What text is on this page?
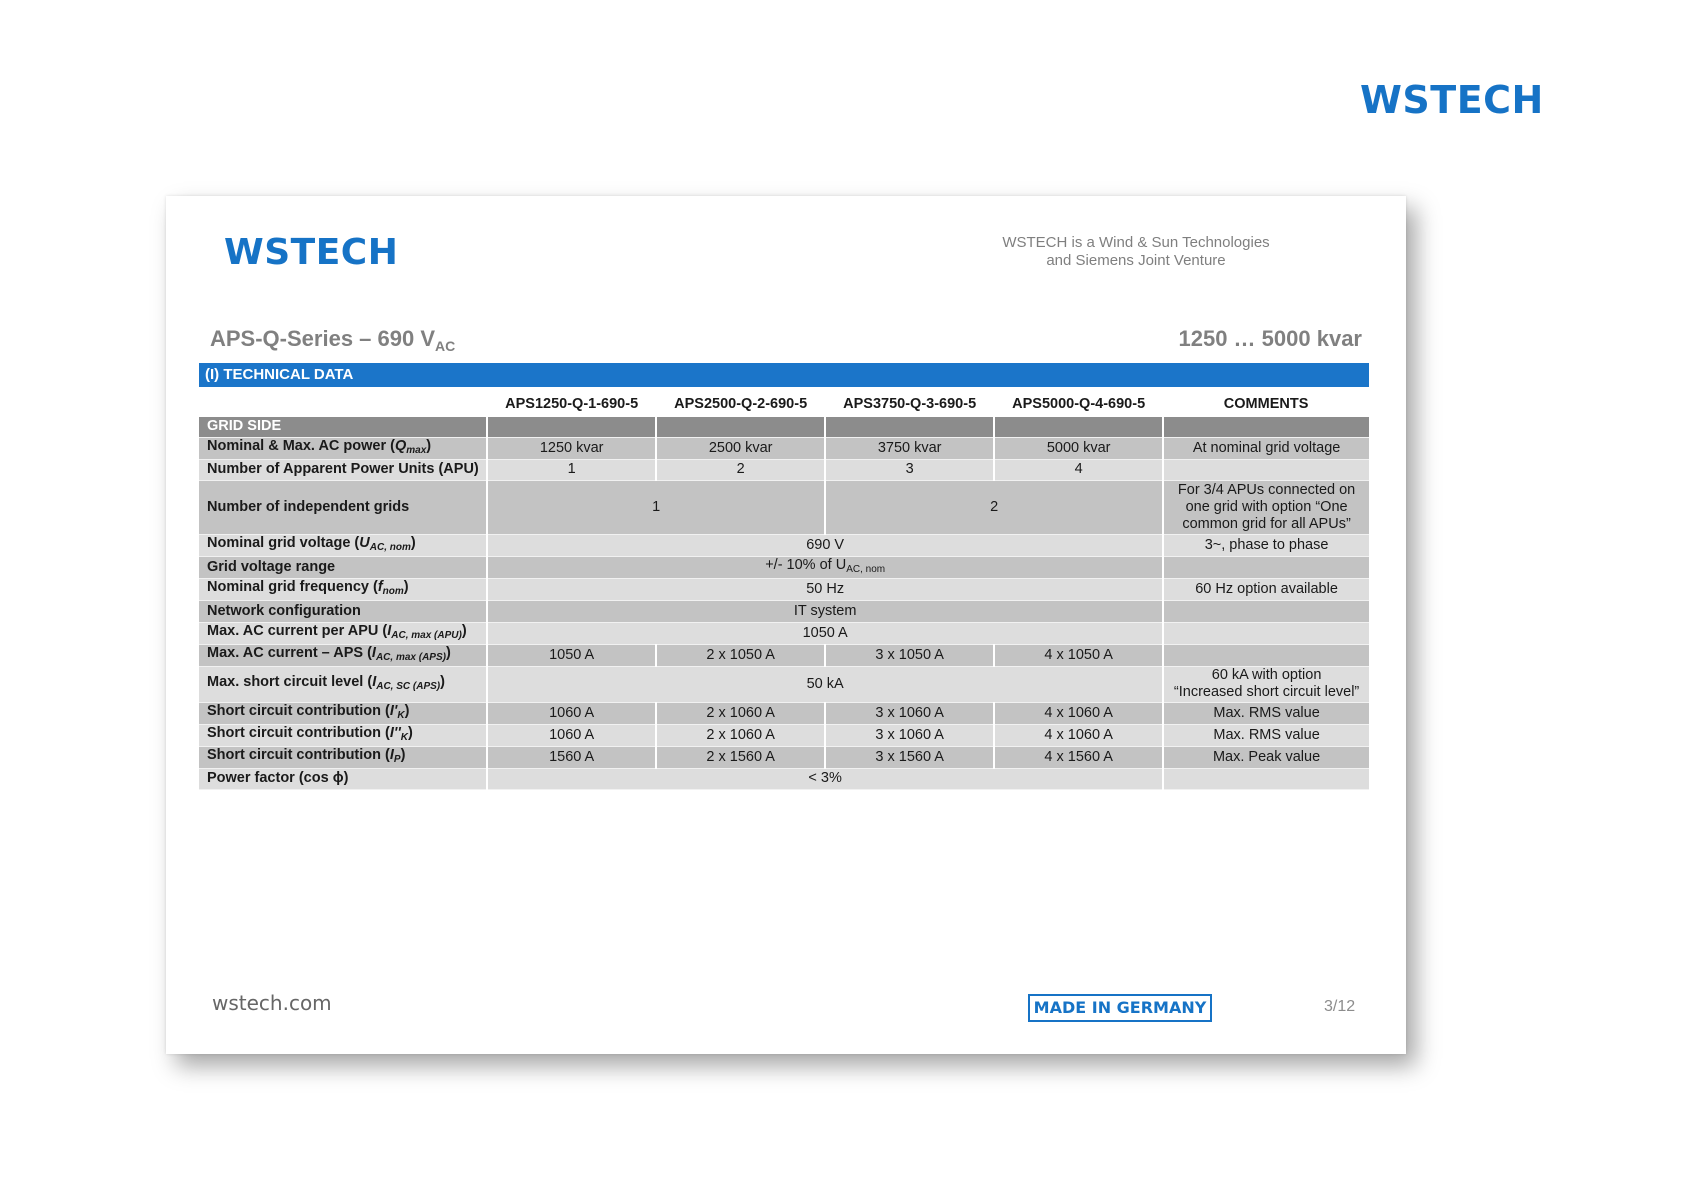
WSTECH
WSTECH	WSTECH is a Wind & Sun Technologies
and Siemens Joint Venture
APS-Q-Series – 690 $V_{AC}$	1250 … 5000 kvar
(I) TECHNICAL DATA
	APS1250-Q-1-690-5	APS2500-Q-2-690-5	APS3750-Q-3-690-5	APS5000-Q-4-690-5	COMMENTS
GRID SIDE					
Nominal & Max. AC power $(Q_{max})$	1250 kvar	2500 kvar	3750 kvar	5000 kvar	At nominal grid voltage
Number of Apparent Power Units (APU)	1	2	3	4	
Number of independent grids	1		2		For 3/4 APUs connected on
one grid with option “One
common grid for all APUs”

Nominal grid voltage $(U_{AC, nom})$	690 V				3~, phase to phase
Grid voltage range	+/- 10% of $U_{AC, nom}$	
Nominal grid frequency $(f_{nom})$	50 Hz				60 Hz option available
Network configuration	IT system				
Max. AC current per APU $(I_{AC, max (APU)})$	1050 A				
Max. AC current – APS $(I_{AC, max (APS)})$	1050 A	2 x 1050 A	3 x 1050 A	4 x 1050 A	
Max. short circuit level $(I_{AC, SC (APS)})$	50 kA				60 kA with option
“Increased short circuit level”

Short circuit contribution $(I'_K)$	1060 A	2 x 1060 A	3 x 1060 A	4 x 1060 A	Max. RMS value
Short circuit contribution $(I''_K)$	1060 A	2 x 1060 A	3 x 1060 A	4 x 1060 A	Max. RMS value
Short circuit contribution $(I_P)$	1560 A	2 x 1560 A	3 x 1560 A	4 x 1560 A	Max. Peak value
Power factor (cos ϕ)	< 3%				
wstech.com	MADE IN GERMANY	3/12
